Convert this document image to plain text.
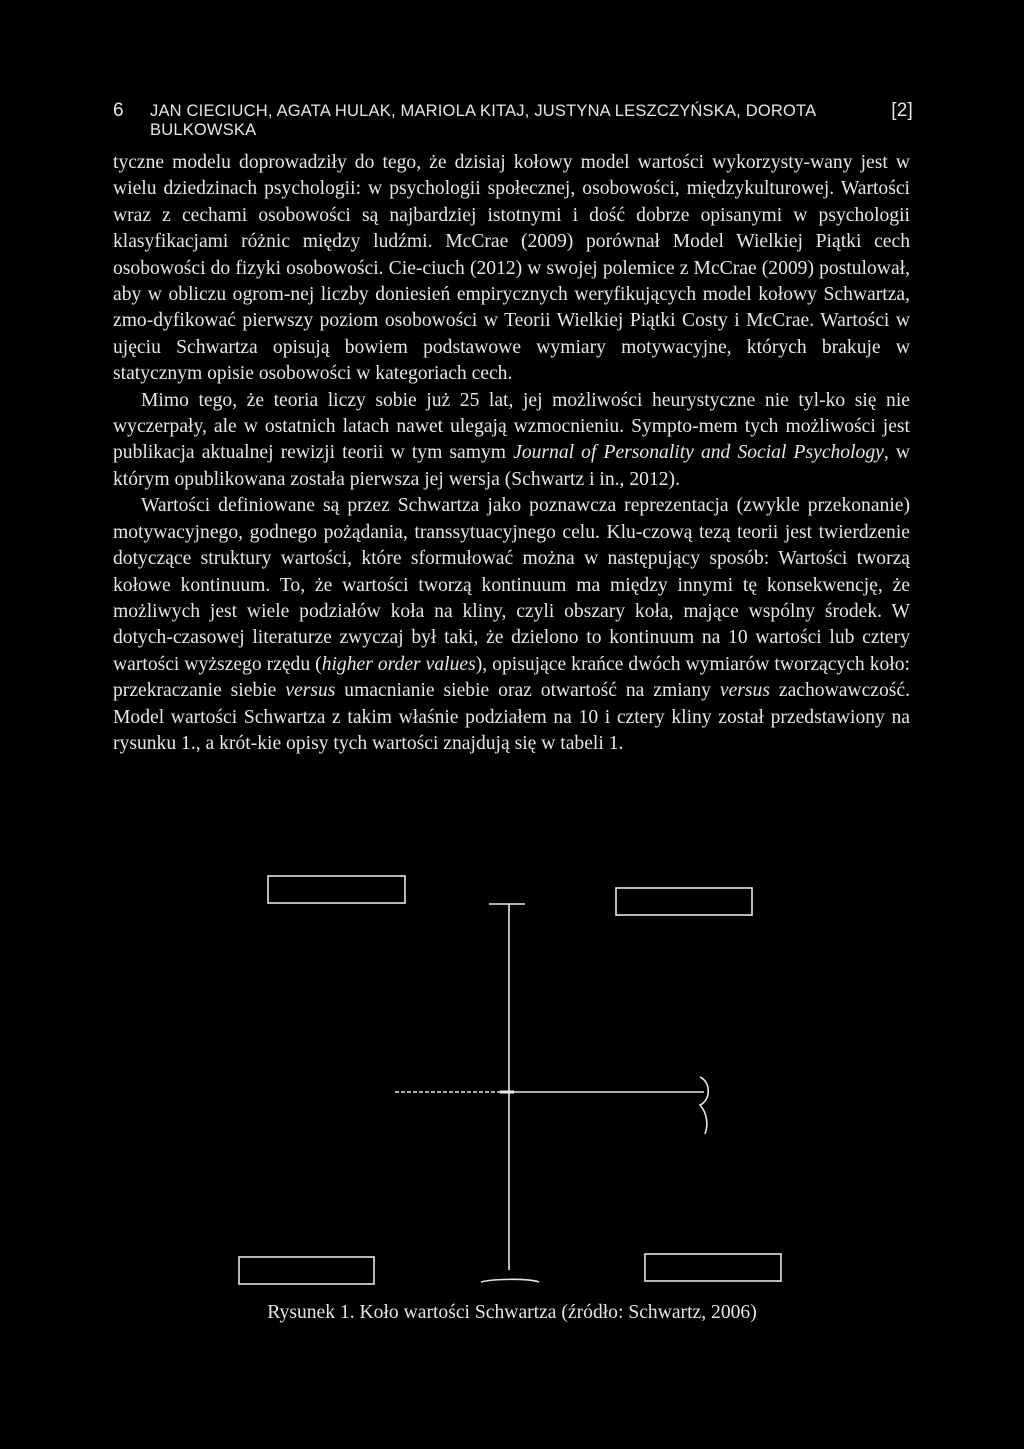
6 JAN CIECIUCH, AGATA HULAK, MARIOLA KITAJ, JUSTYNA LESZCZYŃSKA, DOROTA BULKOWSKA
[2]

tyczne modelu doprowadziły do tego, że dzisiaj kołowy model wartości wykorzysty-wany jest w wielu dziedzinach psychologii: w psychologii społecznej, osobowości, międzykulturowej. Wartości wraz z cechami osobowości są najbardziej istotnymi i dość dobrze opisanymi w psychologii klasyfikacjami różnic między ludźmi. McCrae (2009) porównał Model Wielkiej Piątki cech osobowości do fizyki osobowości. Cie-ciuch (2012) w swojej polemice z McCrae (2009) postulował, aby w obliczu ogrom-nej liczby doniesień empirycznych weryfikujących model kołowy Schwartza, zmo-dyfikować pierwszy poziom osobowości w Teorii Wielkiej Piątki Costy i McCrae. Wartości w ujęciu Schwartza opisują bowiem podstawowe wymiary motywacyjne, których brakuje w statycznym opisie osobowości w kategoriach cech.

Mimo tego, że teoria liczy sobie już 25 lat, jej możliwości heurystyczne nie tyl-ko się nie wyczerpały, ale w ostatnich latach nawet ulegają wzmocnieniu. Sympto-mem tych możliwości jest publikacja aktualnej rewizji teorii w tym samym Journal of Personality and Social Psychology, w którym opublikowana została pierwsza jej wersja (Schwartz i in., 2012).

Wartości definiowane są przez Schwartza jako poznawcza reprezentacja (zwykle przekonanie) motywacyjnego, godnego pożądania, transsytuacyjnego celu. Klu-czową tezą teorii jest twierdzenie dotyczące struktury wartości, które sformułować można w następujący sposób: Wartości tworzą kołowe kontinuum. To, że wartości tworzą kontinuum ma między innymi tę konsekwencję, że możliwych jest wiele podziałów koła na kliny, czyli obszary koła, mające wspólny środek. W dotych-czasowej literaturze zwyczaj był taki, że dzielono to kontinuum na 10 wartości lub cztery wartości wyższego rzędu (higher order values), opisujące krańce dwóch wymiarów tworzących koło: przekraczanie siebie versus umacnianie siebie oraz otwartość na zmiany versus zachowawczość. Model wartości Schwartza z takim właśnie podziałem na 10 i cztery kliny został przedstawiony na rysunku 1., a krót-kie opisy tych wartości znajdują się w tabeli 1.

Rysunek 1. Koło wartości Schwartza (źródło: Schwartz, 2006)
